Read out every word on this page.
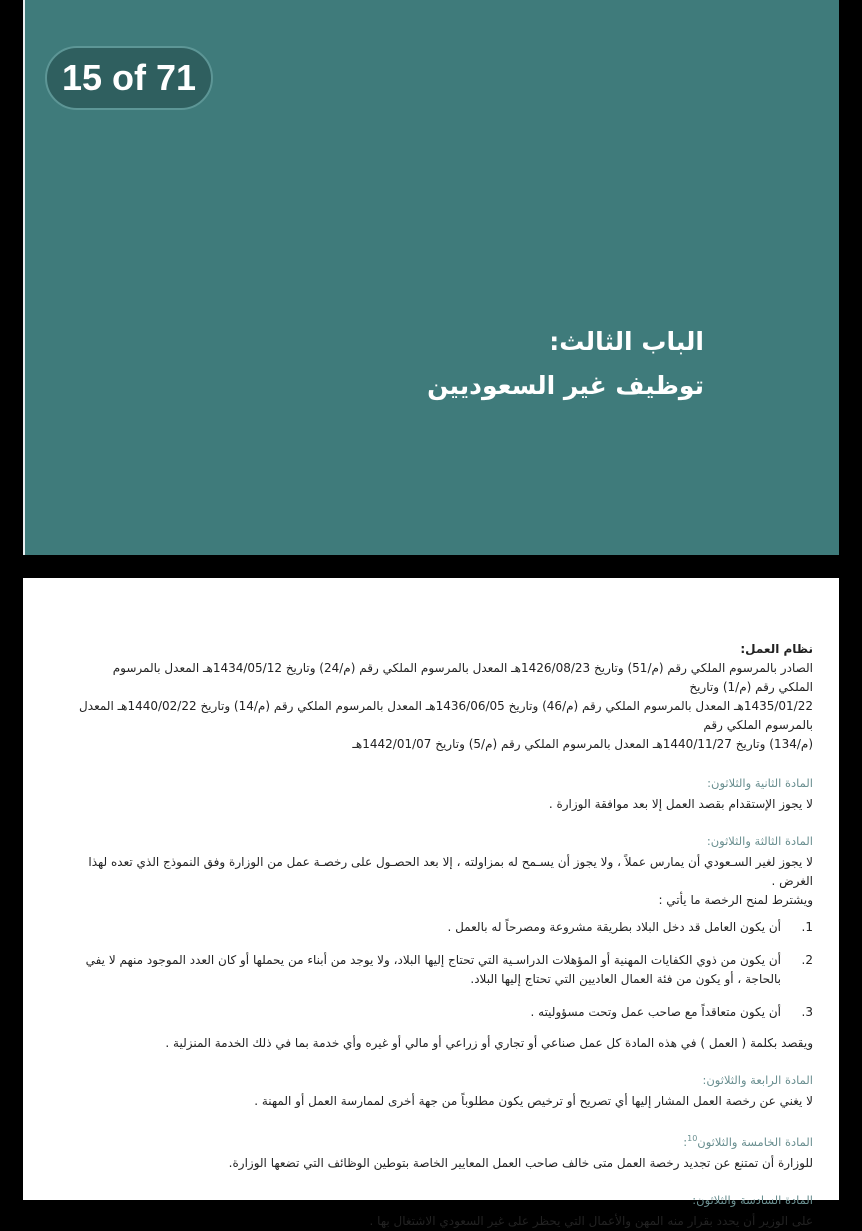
15 of 71
الباب الثالث:
توظيف غير السعوديين
نظام العمل:
الصادر بالمرسوم الملكي رقم (م/51) وتاريخ 1426/08/23هـ المعدل بالمرسوم الملكي رقم (م/24) وتاريخ 1434/05/12هـ المعدل بالمرسوم الملكي رقم (م/1) وتاريخ
1435/01/22هـ المعدل بالمرسوم الملكي رقم (م/46) وتاريخ 1436/06/05هـ المعدل بالمرسوم الملكي رقم (م/14) وتاريخ 1440/02/22هـ المعدل بالمرسوم الملكي رقم
(م/134) وتاريخ 1440/11/27هـ المعدل بالمرسوم الملكي رقم (م/5) وتاريخ 1442/01/07هـ
المادة الثانية والثلاثون:
لا يجوز الإستقدام بقصد العمل إلا بعد موافقة الوزارة .
المادة الثالثة والثلاثون:
لا يجوز لغير السـعودي أن يمارس عملاً ، ولا يجوز أن يسـمح له بمزاولته ، إلا بعد الحصـول على رخصـة عمل من الوزارة وفق النموذج الذي تعده لهذا الغرض .
ويشترط لمنح الرخصة ما يأتي :
1.
أن يكون العامل قد دخل البلاد بطريقة مشروعة ومصرحاً له بالعمل .
2.
أن يكون من ذوي الكفايات المهنية أو المؤهلات الدراسـية التي تحتاج إليها البلاد، ولا يوجد من أبناء من يحملها أو كان العدد الموجود منهم لا يفي بالحاجة ، أو يكون من فئة العمال العاديين التي تحتاج إليها البلاد.
3.
أن يكون متعاقداً مع صاحب عمل وتحت مسؤوليته .
ويقصد بكلمة ( العمل ) في هذه المادة كل عمل صناعي أو تجاري أو زراعي أو مالي أو غيره وأي خدمة بما في ذلك الخدمة المنزلية .
المادة الرابعة والثلاثون:
لا يغني عن رخصة العمل المشار إليها أي تصريح أو ترخيص يكون مطلوباً من جهة أخرى لممارسة العمل أو المهنة .
المادة الخامسة والثلاثون$^{10}$:
للوزارة أن تمتنع عن تجديد رخصة العمل متى خالف صاحب العمل المعايير الخاصة بتوطين الوظائف التي تضعها الوزارة.
المادة السادسة والثلاثون:
على الوزير أن يحدد بقرار منه المهن والأعمال التي يحظر على غير السعودي الاشتغال بها .
